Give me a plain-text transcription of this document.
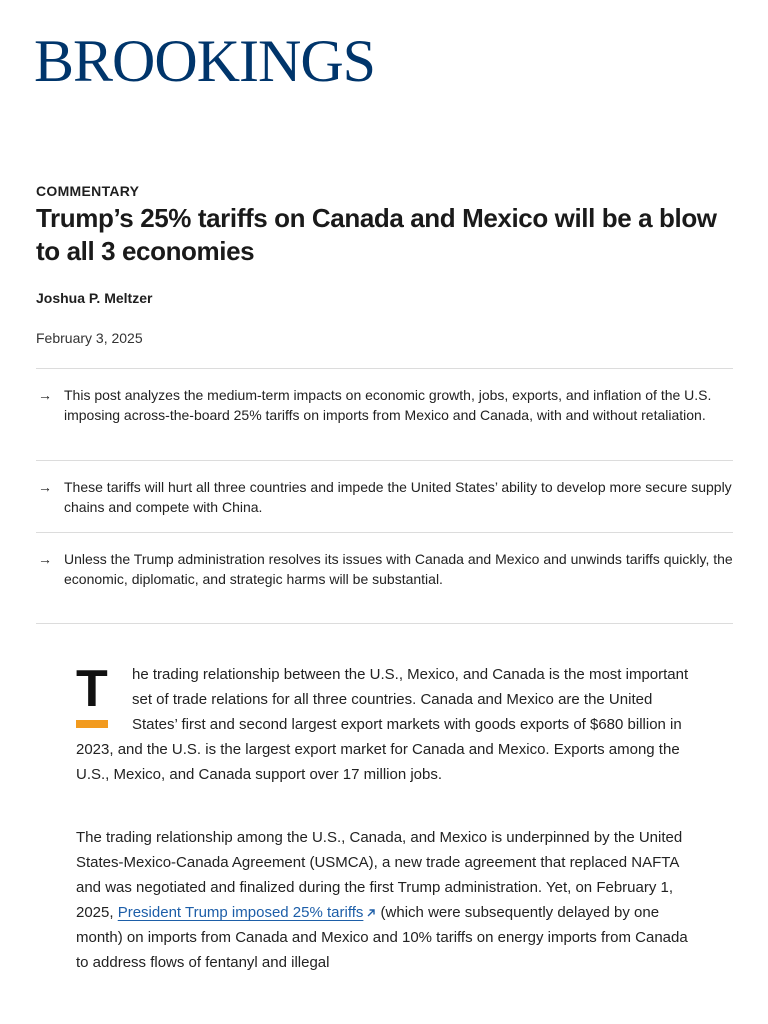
BROOKINGS
COMMENTARY
Trump’s 25% tariffs on Canada and Mexico will be a blow to all 3 economies
Joshua P. Meltzer
February 3, 2025
→ This post analyzes the medium-term impacts on economic growth, jobs, exports, and inflation of the U.S. imposing across-the-board 25% tariffs on imports from Mexico and Canada, with and without retaliation.
→ These tariffs will hurt all three countries and impede the United States’ ability to develop more secure supply chains and compete with China.
→ Unless the Trump administration resolves its issues with Canada and Mexico and unwinds tariffs quickly, the economic, diplomatic, and strategic harms will be substantial.

T	he trading relationship between the U.S., Mexico, and Canada is the most important set of trade relations for all three countries. Canada and Mexico are the United States’ first and second largest export markets with goods exports of $680 billion in 2023, and the U.S. is the largest export market for Canada and Mexico. Exports among the U.S., Mexico, and Canada support over 17 million jobs.

The trading relationship among the U.S., Canada, and Mexico is underpinned by the United States-Mexico-Canada Agreement (USMCA), a new trade agreement that replaced NAFTA and was negotiated and finalized during the first Trump administration. Yet, on February 1, 2025, President Trump imposed 25% tariffs (which were subsequently delayed by one month) on imports from Canada and Mexico and 10% tariffs on energy imports from Canada to address flows of fentanyl and illegal
